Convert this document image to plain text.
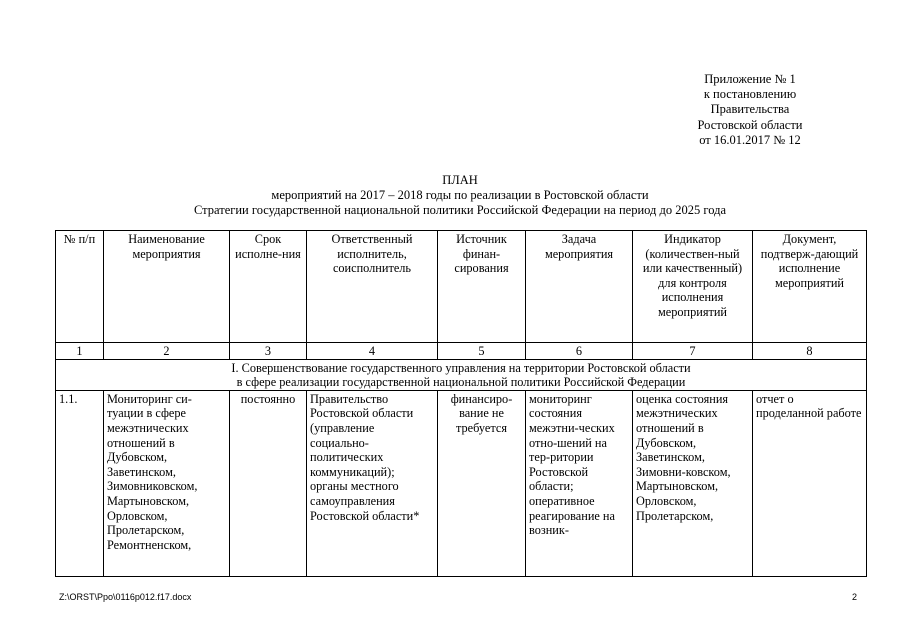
Приложение № 1
к постановлению
Правительства
Ростовской области
от 16.01.2017 № 12
ПЛАН
мероприятий на 2017 – 2018 годы по реализации в Ростовской области
Стратегии государственной национальной политики Российской Федерации на период до 2025 года
№ п/п	Наименование мероприятия	Срок исполне-ния	Ответственный исполнитель, соисполнитель	Источник финан-сирования	Задача мероприятия	Индикатор (количествен-ный или качественный) для контроля исполнения мероприятий	Документ, подтверж-дающий исполнение мероприятий
1	2	3	4	5	6	7	8

I. Совершенствование государственного управления на территории Ростовской области
в сфере реализации государственной национальной политики Российской Федерации							

1.1.	Мониторинг си-туации в сфере межэтнических отношений в Дубовском, Заветинском, Зимовниковском, Мартыновском, Орловском, Пролетарском, Ремонтненском,	постоянно	Правительство Ростовской области (управление социально-политических коммуникаций); органы местного самоуправления Ростовской области*	финансиро-вание не требуется	мониторинг состояния межэтни-ческих отно-шений на тер-ритории Ростовской области; оперативное реагирование на возник-	оценка состояния межэтнических отношений в Дубовском, Заветинском, Зимовни-ковском, Мартыновском, Орловском, Пролетарском,	отчет о проделанной работе
Z:\ORST\Ppo\0116p012.f17.docx	2
